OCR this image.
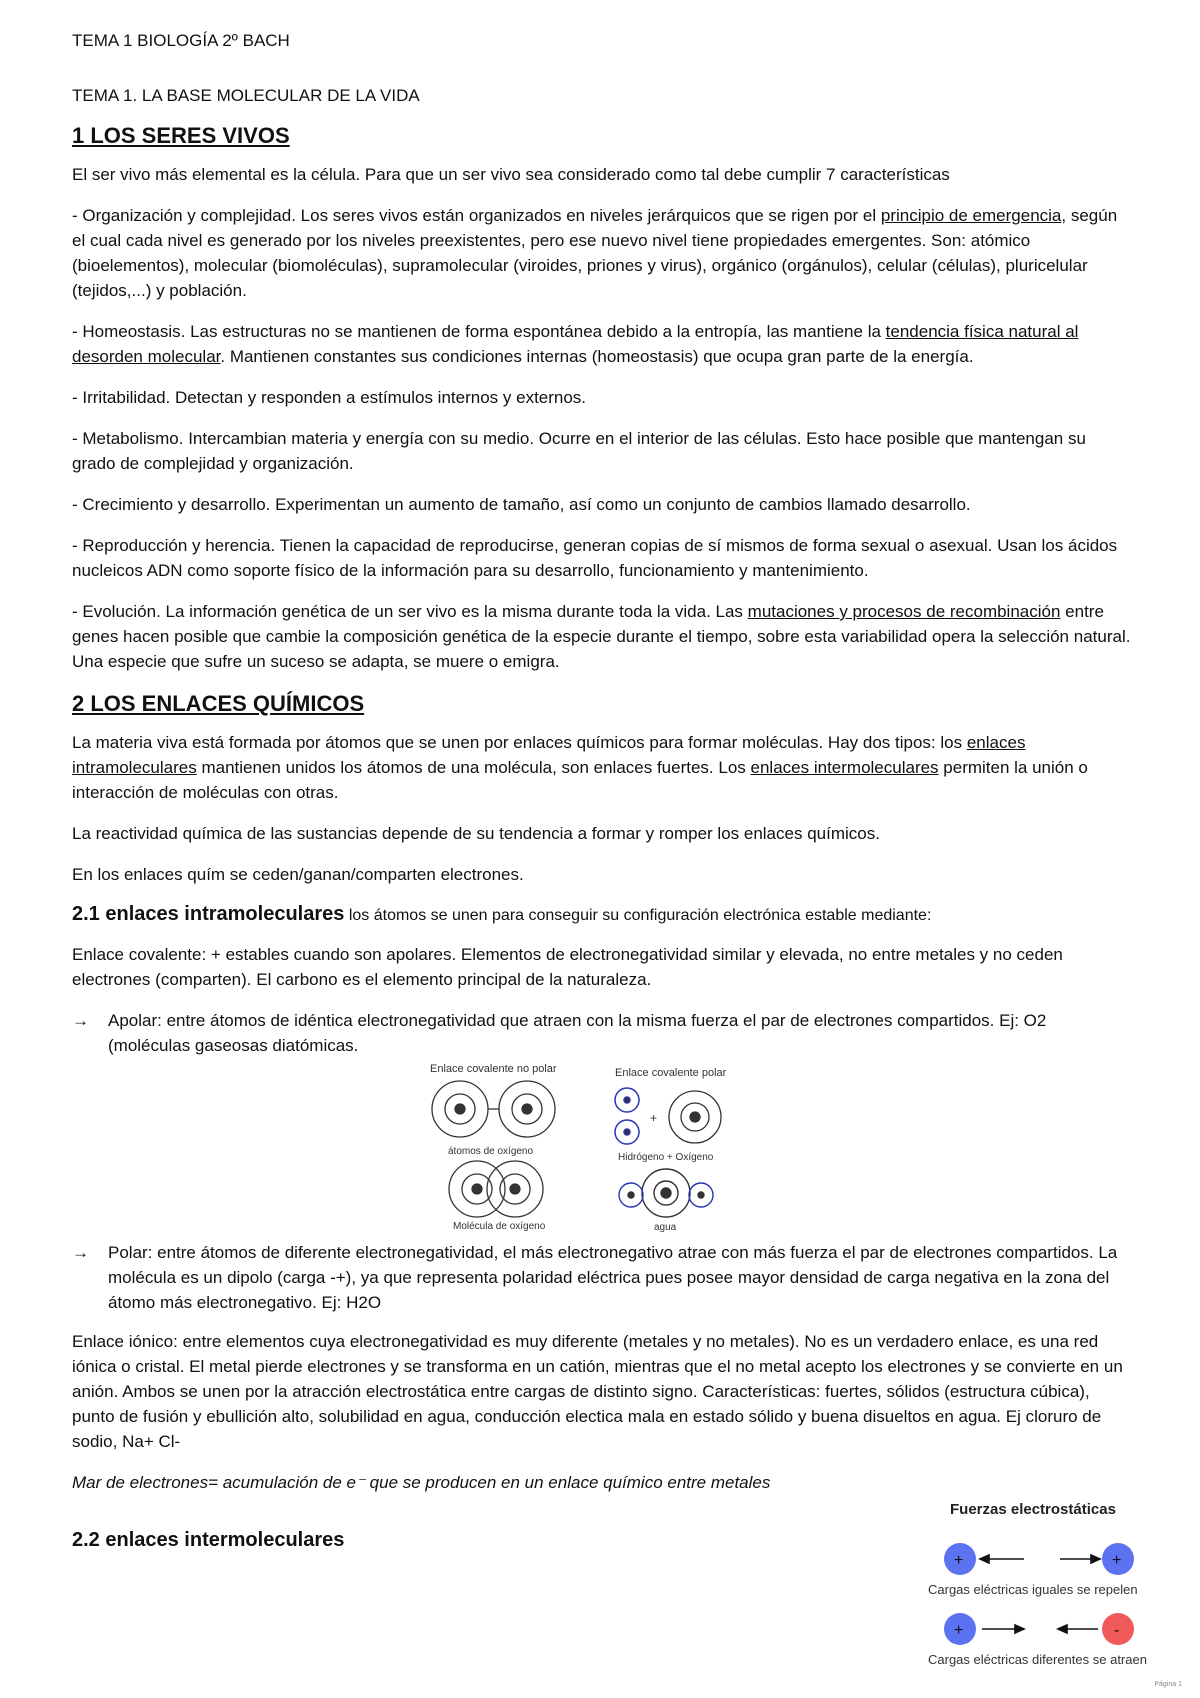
TEMA 1 BIOLOGÍA 2º BACH

TEMA 1. LA BASE MOLECULAR DE LA VIDA

1 LOS SERES VIVOS

El ser vivo más elemental es la célula. Para que un ser vivo sea considerado como tal debe cumplir 7 características

- Organización y complejidad. Los seres vivos están organizados en niveles jerárquicos que se rigen por el principio de emergencia, según el cual cada nivel es generado por los niveles preexistentes, pero ese nuevo nivel tiene propiedades emergentes. Son: atómico (bioelementos), molecular (biomoléculas), supramolecular (viroides, priones y virus), orgánico (orgánulos), celular (células), pluricelular (tejidos,...) y población.

- Homeostasis. Las estructuras no se mantienen de forma espontánea debido a la entropía, las mantiene la tendencia física natural al desorden molecular. Mantienen constantes sus condiciones internas (homeostasis) que ocupa gran parte de la energía.

- Irritabilidad. Detectan y responden a estímulos internos y externos.

- Metabolismo. Intercambian materia y energía con su medio. Ocurre en el interior de las células. Esto hace posible que mantengan su grado de complejidad y organización.

- Crecimiento y desarrollo. Experimentan un aumento de tamaño, así como un conjunto de cambios llamado desarrollo.

- Reproducción y herencia. Tienen la capacidad de reproducirse, generan copias de sí mismos de forma sexual o asexual. Usan los ácidos nucleicos ADN como soporte físico de la información para su desarrollo, funcionamiento y mantenimiento.

- Evolución. La información genética de un ser vivo es la misma durante toda la vida. Las mutaciones y procesos de recombinación entre genes hacen posible que cambie la composición genética de la especie durante el tiempo, sobre esta variabilidad opera la selección natural. Una especie que sufre un suceso se adapta, se muere o emigra.

2 LOS ENLACES QUÍMICOS

La materia viva está formada por átomos que se unen por enlaces químicos para formar moléculas. Hay dos tipos: los enlaces intramoleculares mantienen unidos los átomos de una molécula, son enlaces fuertes. Los enlaces intermoleculares permiten la unión o interacción de moléculas con otras.

La reactividad química de las sustancias depende de su tendencia a formar y romper los enlaces químicos.

En los enlaces quím se ceden/ganan/comparten electrones.

2.1 enlaces intramoleculares los átomos se unen para conseguir su configuración electrónica estable mediante:

Enlace covalente: + estables cuando son apolares. Elementos de electronegatividad similar y elevada, no entre metales y no ceden electrones (comparten). El carbono es el elemento principal de la naturaleza.

→ Apolar: entre átomos de idéntica electronegatividad que atraen con la misma fuerza el par de electrones compartidos. Ej: O2 (moléculas gaseosas diatómicas.
→ Polar: entre átomos de diferente electronegatividad, el más electronegativo atrae con más fuerza el par de electrones compartidos. La molécula es un dipolo (carga -+), ya que representa polaridad eléctrica pues posee mayor densidad de carga negativa en la zona del átomo más electronegativo. Ej: H2O

Enlace iónico: entre elementos cuya electronegatividad es muy diferente (metales y no metales). No es un verdadero enlace, es una red iónica o cristal. El metal pierde electrones y se transforma en un catión, mientras que el no metal acepto los electrones y se convierte en un anión. Ambos se unen por la atracción electrostática entre cargas de distinto signo. Características: fuertes, sólidos (estructura cúbica), punto de fusión y ebullición alto, solubilidad en agua, conducción electica mala en estado sólido y buena disueltos en agua. Ej cloruro de sodio, Na+ Cl-

Mar de electrones= acumulación de e⁻ que se producen en un enlace químico entre metales

2.2 enlaces intermoleculares
Enlace covalente no polar	Enlace covalente polar
átomos de oxígeno
Molécula de oxígeno
+
Hidrógeno + Oxígeno
agua
Fuerzas electrostáticas
+	+
Cargas eléctricas iguales se repelen
+	-
Cargas eléctricas diferentes se atraen
Página 1
